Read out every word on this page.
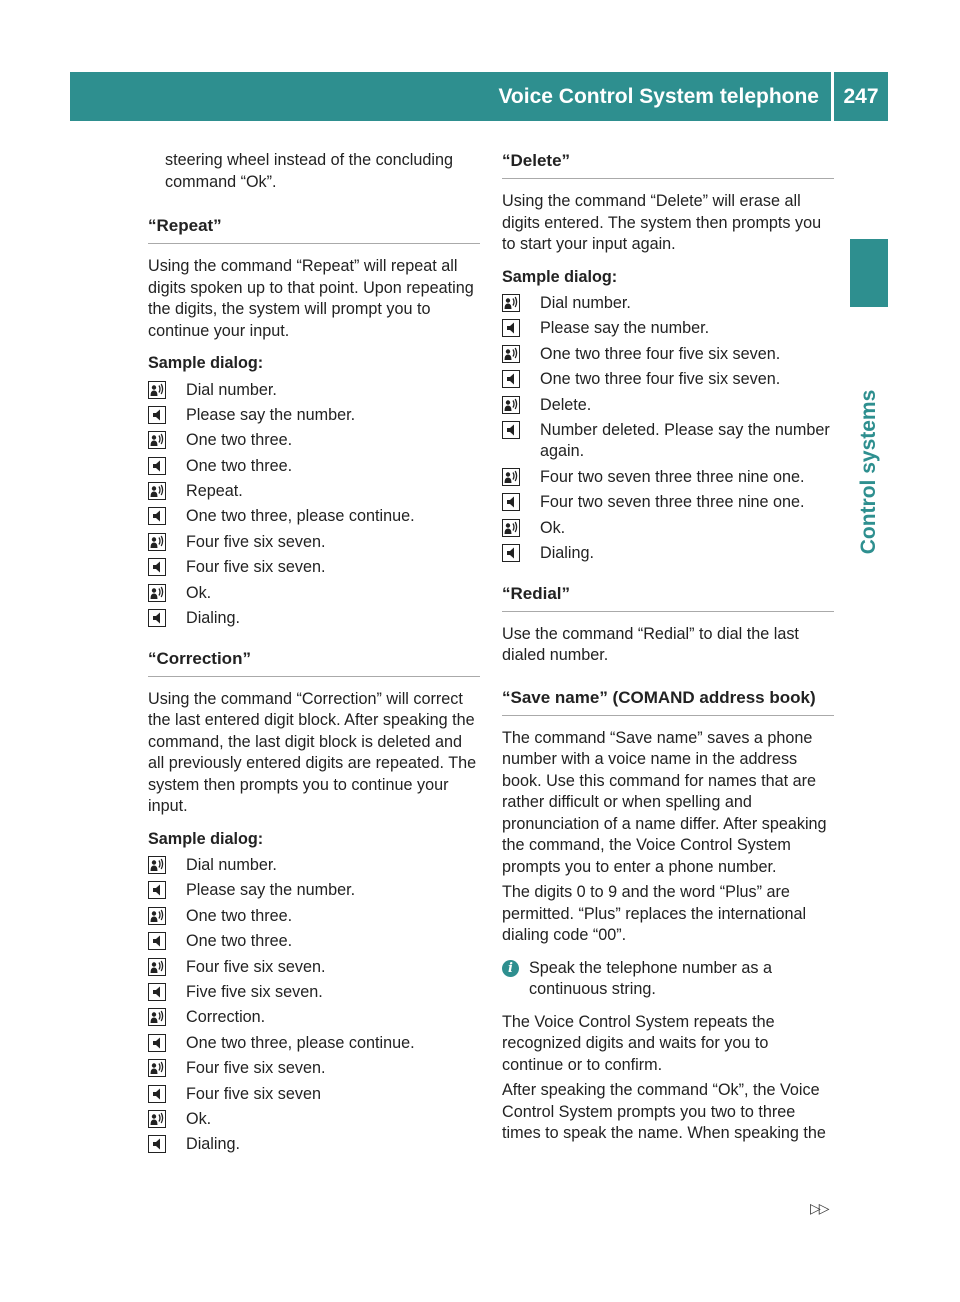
Voice Control System telephone	247
Control systems

steering wheel instead of the concluding command “Ok”.

“Repeat”

Using the command “Repeat” will repeat all digits spoken up to that point. Upon repeating the digits, the system will prompt you to continue your input.

Sample dialog:

Dial number.
Please say the number.
One two three.
One two three.
Repeat.
One two three, please continue.
Four five six seven.
Four five six seven.
Ok.
Dialing.
“Correction”

Using the command “Correction” will correct the last entered digit block. After speaking the command, the last digit block is deleted and all previously entered digits are repeated. The system then prompts you to continue your input.

Sample dialog:

Dial number.
Please say the number.
One two three.
One two three.
Four five six seven.
Five five six seven.
Correction.
One two three, please continue.
Four five six seven.
Four five six seven
Ok.
Dialing.
“Delete”

Using the command “Delete” will erase all digits entered. The system then prompts you to start your input again.

Sample dialog:

Dial number.
Please say the number.
One two three four five six seven.
One two three four five six seven.
Delete.
Number deleted. Please say the number again.
Four two seven three three nine one.
Four two seven three three nine one.
Ok.
Dialing.
“Redial”

Use the command “Redial” to dial the last dialed number.

“Save name” (COMAND address book)

The command “Save name” saves a phone number with a voice name in the address book. Use this command for names that are rather difficult or when spelling and pronunciation of a name differ. After speaking the command, the Voice Control System prompts you to enter a phone number.

The digits 0 to 9 and the word “Plus” are permitted. “Plus” replaces the international dialing code “00”.

i Speak the telephone number as a continuous string.

The Voice Control System repeats the recognized digits and waits for you to continue or to confirm.

After speaking the command “Ok”, the Voice Control System prompts you two to three times to speak the name. When speaking the

▷▷
